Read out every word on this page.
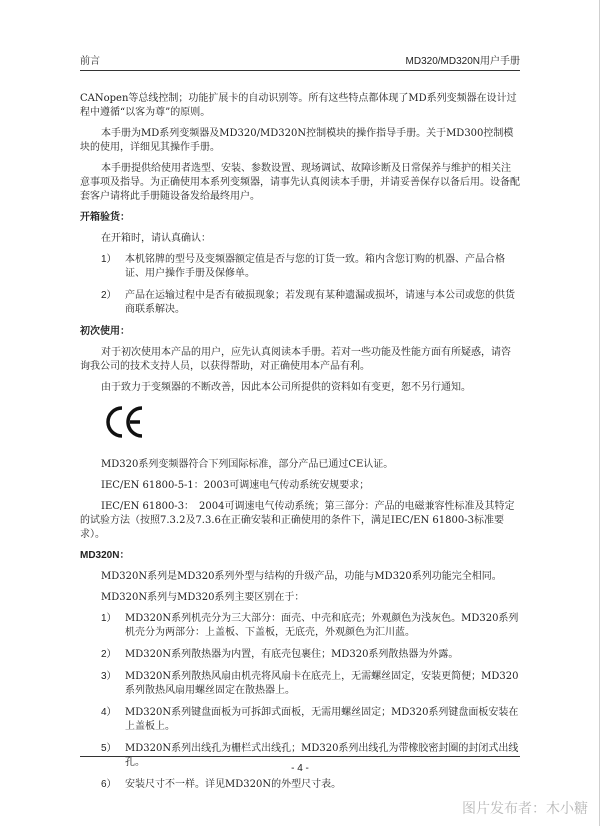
前言	MD320/MD320N用户手册

CANopen等总线控制；功能扩展卡的自动识别等。所有这些特点都体现了MD系列变频器在设计过程中遵循“以客为尊”的原则。

本手册为MD系列变频器及MD320/MD320N控制模块的操作指导手册。关于MD300控制模块的使用，详细见其操作手册。

本手册提供给使用者选型、安装、参数设置、现场调试、故障诊断及日常保养与维护的相关注意事项及指导。为正确使用本系列变频器，请事先认真阅读本手册，并请妥善保存以备后用。设备配套客户请将此手册随设备发给最终用户。

开箱验货：

在开箱时，请认真确认：

1） 本机铭牌的型号及变频器额定值是否与您的订货一致。箱内含您订购的机器、产品合格证、用户操作手册及保修单。
2） 产品在运输过程中是否有破损现象；若发现有某种遗漏或损坏，请速与本公司或您的供货商联系解决。
初次使用：

对于初次使用本产品的用户，应先认真阅读本手册。若对一些功能及性能方面有所疑惑，请咨询我公司的技术支持人员，以获得帮助，对正确使用本产品有利。

由于致力于变频器的不断改善，因此本公司所提供的资料如有变更，恕不另行通知。

MD320系列变频器符合下列国际标准，部分产品已通过CE认证。

IEC/EN 61800-5-1：2003可调速电气传动系统安规要求；

IEC/EN 61800-3：　2004可调速电气传动系统；第三部分：产品的电磁兼容性标准及其特定的试验方法（按照7.3.2及7.3.6在正确安装和正确使用的条件下，满足IEC/EN 61800-3标准要求）。

MD320N：

MD320N系列是MD320系列外型与结构的升级产品，功能与MD320系列功能完全相同。

MD320N系列与MD320系列主要区别在于：

1） MD320N系列机壳分为三大部分：面壳、中壳和底壳；外观颜色为浅灰色。MD320系列机壳分为两部分：上盖板、下盖板，无底壳，外观颜色为汇川蓝。
2） MD320N系列散热器为内置，有底壳包裹住；MD320系列散热器为外露。
3） MD320N系列散热风扇由机壳将风扇卡在底壳上，无需螺丝固定，安装更简便；MD320系列散热风扇用螺丝固定在散热器上。
4） MD320N系列键盘面板为可拆卸式面板，无需用螺丝固定；MD320系列键盘面板安装在上盖板上。
5） MD320N系列出线孔为栅栏式出线孔；MD320系列出线孔为带橡胶密封圈的封闭式出线孔。
6） 安装尺寸不一样。详见MD320N的外型尺寸表。
- 4 -
图片发布者：木小糖
